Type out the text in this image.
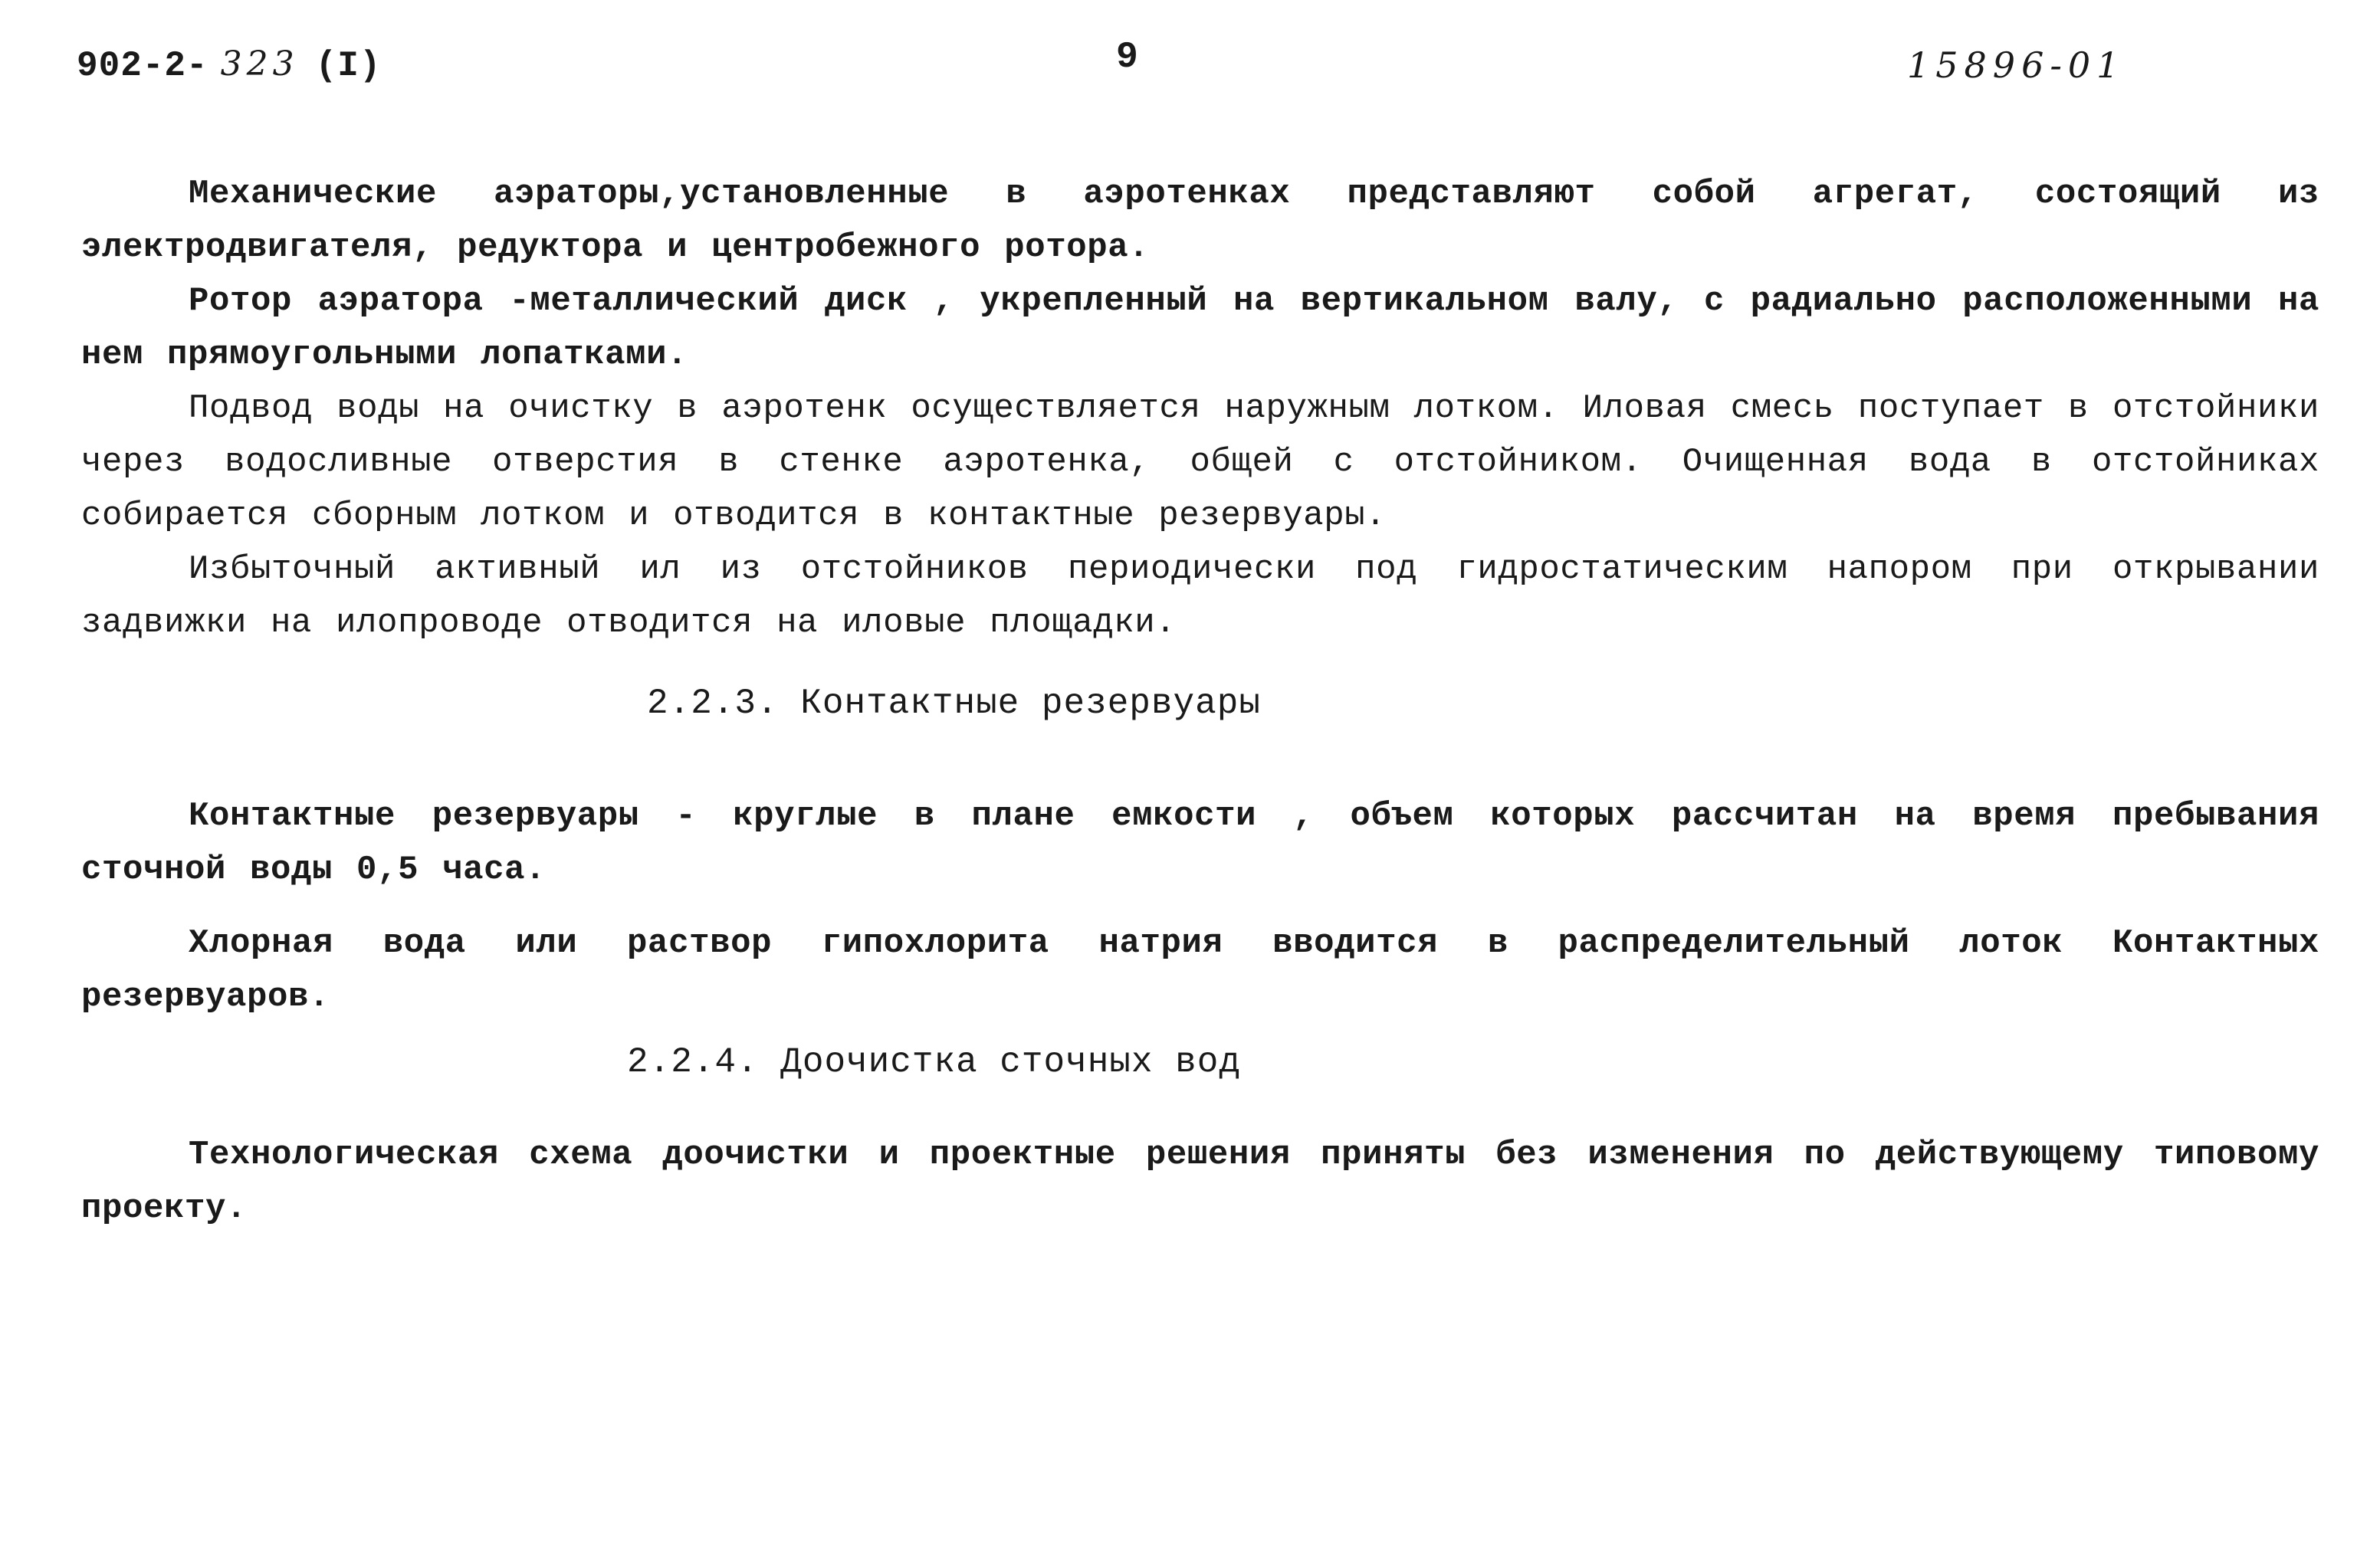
902-2- 323 (I)	9	15896-01

Механические аэраторы,установленные в аэротенках представляют собой агрегат, состоящий из электродвигателя, редуктора и центробежного ротора.

Ротор аэратора -металлический диск , укрепленный на вертикальном валу, с радиально расположенными на нем прямоугольными лопатками.

Подвод воды на очистку в аэротенк осуществляется наружным лотком. Иловая смесь поступает в отстойники через водосливные отверстия в стенке аэротенка, общей с отстойником. Очищенная вода в отстойниках собирается сборным лотком и отводится в контактные резервуары.

Избыточный активный ил из отстойников периодически под гидростатическим напором при открывании задвижки на илопроводе отводится на иловые площадки.

2.2.3. Контактные резервуары

Контактные резервуары - круглые в плане емкости , объем которых рассчитан на время пребывания сточной воды 0,5 часа.

Хлорная вода или раствор гипохлорита натрия вводится в распределительный лоток Контактных резервуаров.

2.2.4. Доочистка сточных вод

Технологическая схема доочистки и проектные решения приняты без изменения по действующему типовому проекту.
